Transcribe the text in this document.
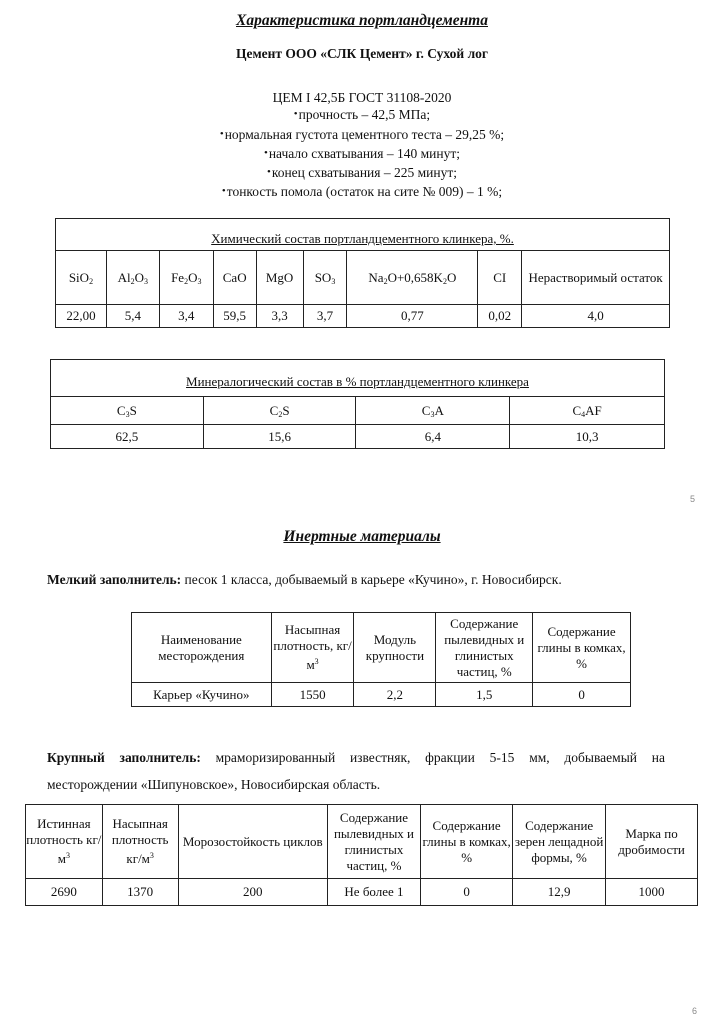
Характеристика портландцемента
Цемент ООО «СЛК Цемент» г. Сухой лог
ЦЕМ I 42,5Б ГОСТ 31108-2020
•прочность – 42,5 МПа;
•нормальная густота цементного теста – 29,25 %;
•начало схватывания – 140 минут;
•конец схватывания – 225 минут;
•тонкость помола (остаток на сите № 009) – 1 %;
Химический состав портландцементного клинкера, %.
SiO$_2$	$Al_2O_3$	$Fe_2O_3$	CaO	MgO	$SO_3$	$Na_2O+0,658K_2O$	CI	Нерастворимый остаток
22,00	5,4	3,4	59,5	3,3	3,7	0,77	0,02	4,0
Минералогический состав в % портландцементного клинкера
$C_3S$	$C_2S$	$C_3A$	$C_4AF$
62,5	15,6	6,4	10,3
5
Инертные материалы
Мелкий заполнитель: песок 1 класса, добываемый в карьере «Кучино», г. Новосибирск.
Наименование месторождения	Насыпная плотность, $кг/м^3$	Модуль крупности	Содержание пылевидных и глинистых частиц, %	Содержание глины в комках, %
Карьер «Кучино»	1550	2,2	1,5	0
Крупный заполнитель: мраморизированный известняк, фракции 5-15 мм, добываемый на
месторождении «Шипуновское», Новосибирская область.
Истинная плотность $кг/м^3$	Насыпная плотность $кг/м^3$	Морозостойкость циклов	Содержание пылевидных и глинистых частиц, %	Содержание глины в комках, %	Содержание зерен лещадной формы, %	Марка по дробимости
2690	1370	200	Не более 1	0	12,9	1000
6
